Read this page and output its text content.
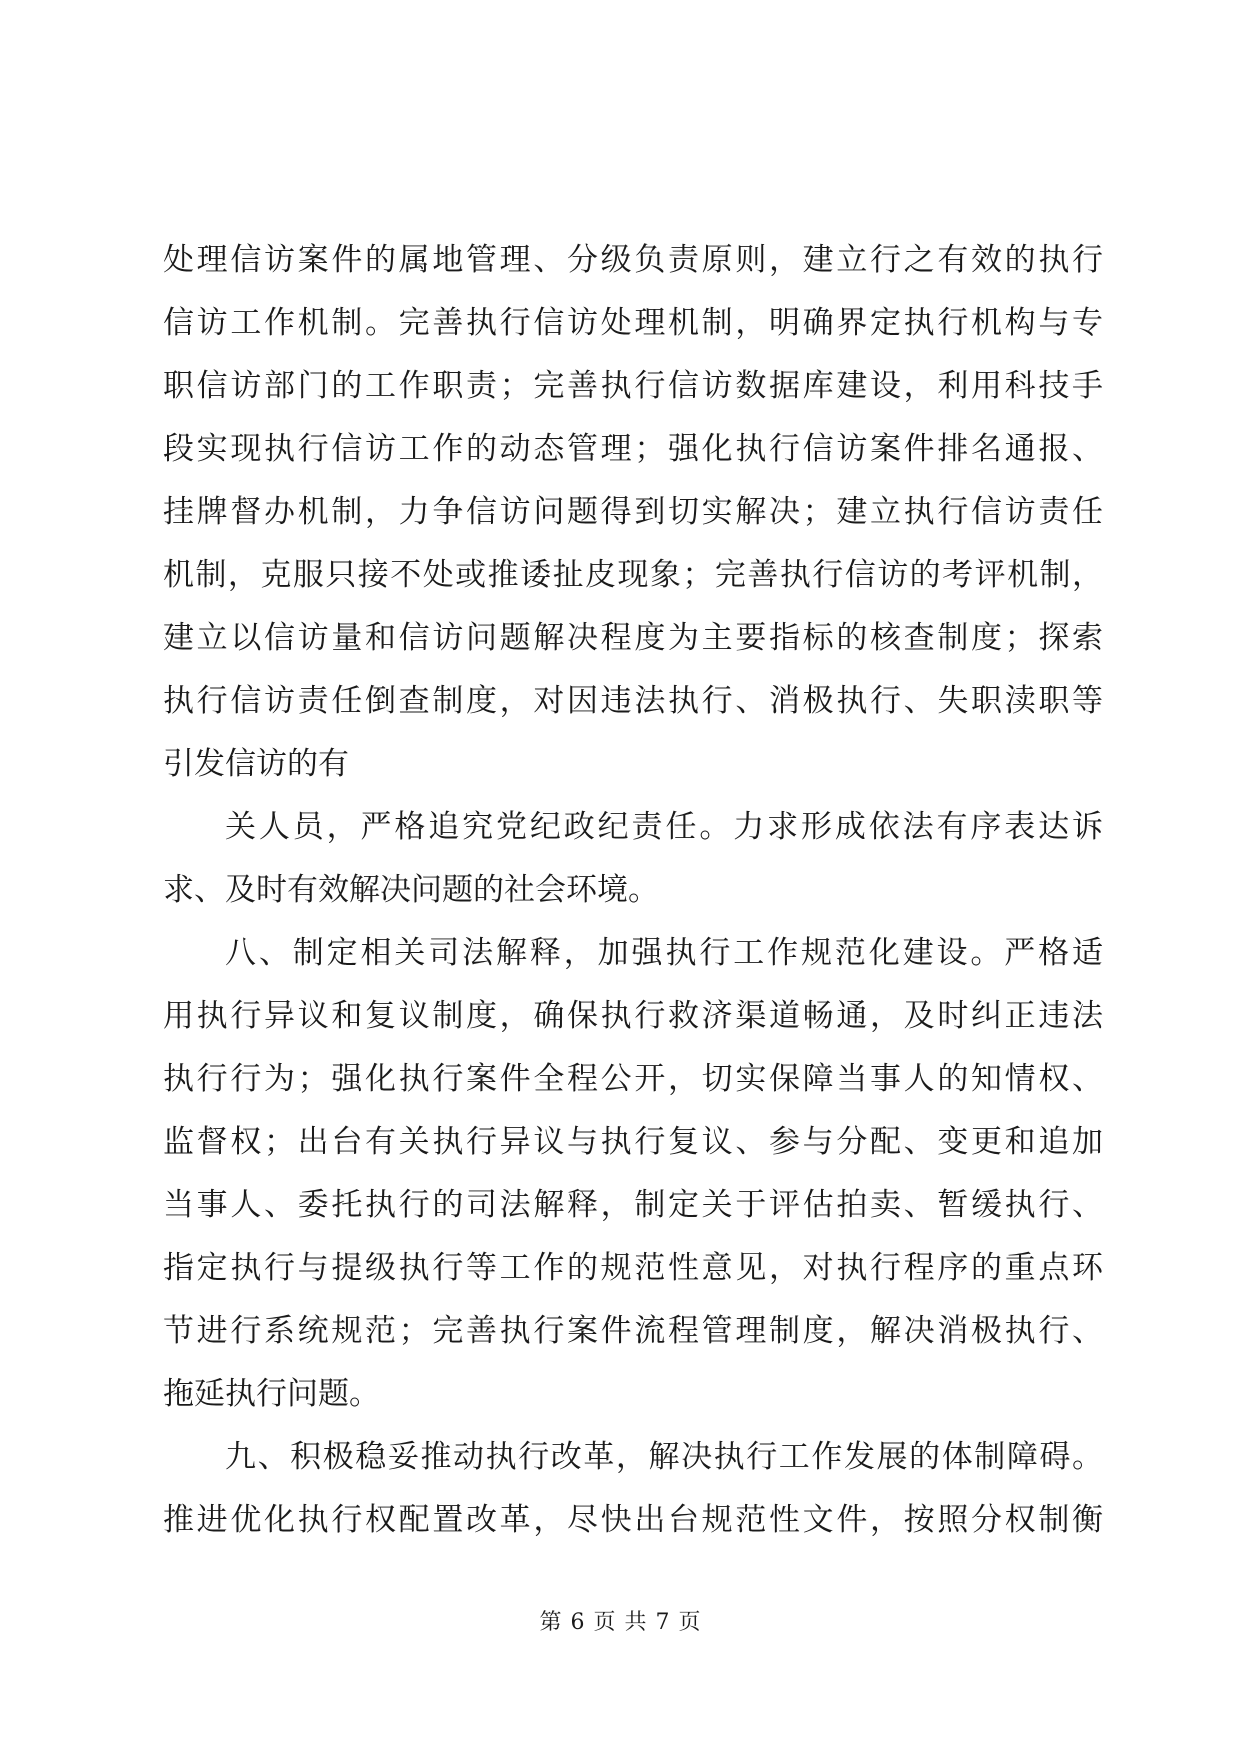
处理信访案件的属地管理、分级负责原则，建立行之有效的执行
信访工作机制。完善执行信访处理机制，明确界定执行机构与专
职信访部门的工作职责；完善执行信访数据库建设，利用科技手
段实现执行信访工作的动态管理；强化执行信访案件排名通报、
挂牌督办机制，力争信访问题得到切实解决；建立执行信访责任
机制，克服只接不处或推诿扯皮现象；完善执行信访的考评机制，
建立以信访量和信访问题解决程度为主要指标的核查制度；探索
执行信访责任倒查制度，对因违法执行、消极执行、失职渎职等
引发信访的有
关人员，严格追究党纪政纪责任。力求形成依法有序表达诉
求、及时有效解决问题的社会环境。
八、制定相关司法解释，加强执行工作规范化建设。严格适
用执行异议和复议制度，确保执行救济渠道畅通，及时纠正违法
执行行为；强化执行案件全程公开，切实保障当事人的知情权、
监督权；出台有关执行异议与执行复议、参与分配、变更和追加
当事人、委托执行的司法解释，制定关于评估拍卖、暂缓执行、
指定执行与提级执行等工作的规范性意见，对执行程序的重点环
节进行系统规范；完善执行案件流程管理制度，解决消极执行、
拖延执行问题。
九、积极稳妥推动执行改革，解决执行工作发展的体制障碍。
推进优化执行权配置改革，尽快出台规范性文件，按照分权制衡
第 6 页 共 7 页
